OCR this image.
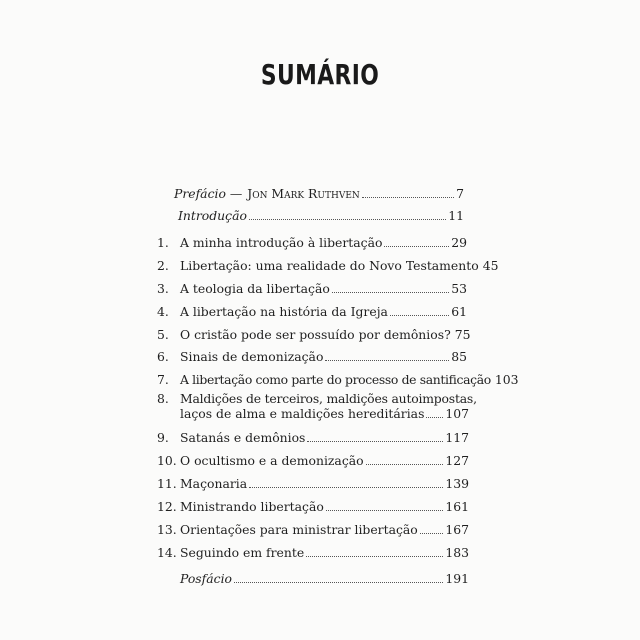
SUMÁRIO
Prefácio — Jon Mark Ruthven	7
Introdução	11
1. A minha introdução à libertação	29
2. Libertação: uma realidade do Novo Testamento 45
3. A teologia da libertação	53
4. A libertação na história da Igreja	61
5. O cristão pode ser possuído por demônios? 75
6. Sinais de demonização	85
7. A libertação como parte do processo de santificação 103
8. Maldições de terceiros, maldições autoimpostas,
laços de alma e maldições hereditárias 107
9. Satanás e demônios	117
10. O ocultismo e a demonização	127
11. Maçonaria	139
12. Ministrando libertação	161
13. Orientações para ministrar libertação 167
14. Seguindo em frente	183
Posfácio	191
